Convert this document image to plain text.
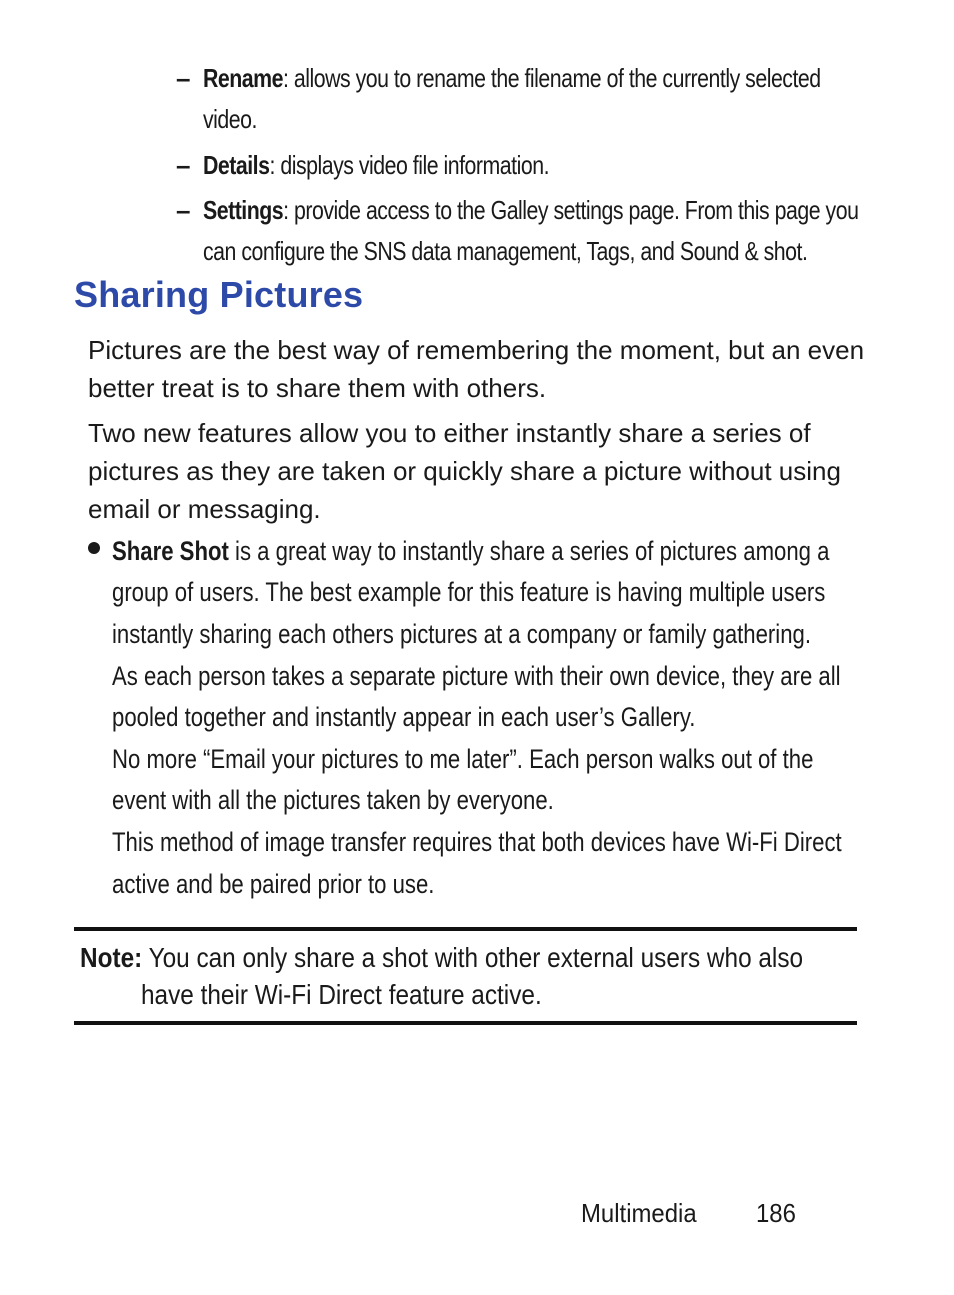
– Rename: allows you to rename the filename of the currently selected
video.
– Details: displays video file information.
– Settings: provide access to the Galley settings page. From this page you
can configure the SNS data management, Tags, and Sound & shot.
Sharing Pictures

Pictures are the best way of remembering the moment, but an even better treat is to share them with others.

Two new features allow you to either instantly share a series of pictures as they are taken or quickly share a picture without using email or messaging.

Share Shot is a great way to instantly share a series of pictures among a
group of users. The best example for this feature is having multiple users
instantly sharing each others pictures at a company or family gathering.
As each person takes a separate picture with their own device, they are all
pooled together and instantly appear in each user’s Gallery.
No more “Email your pictures to me later”. Each person walks out of the
event with all the pictures taken by everyone.
This method of image transfer requires that both devices have Wi-Fi Direct
active and be paired prior to use.
Note: You can only share a shot with other external users who also
have their Wi-Fi Direct feature active.
Multimedia 186
